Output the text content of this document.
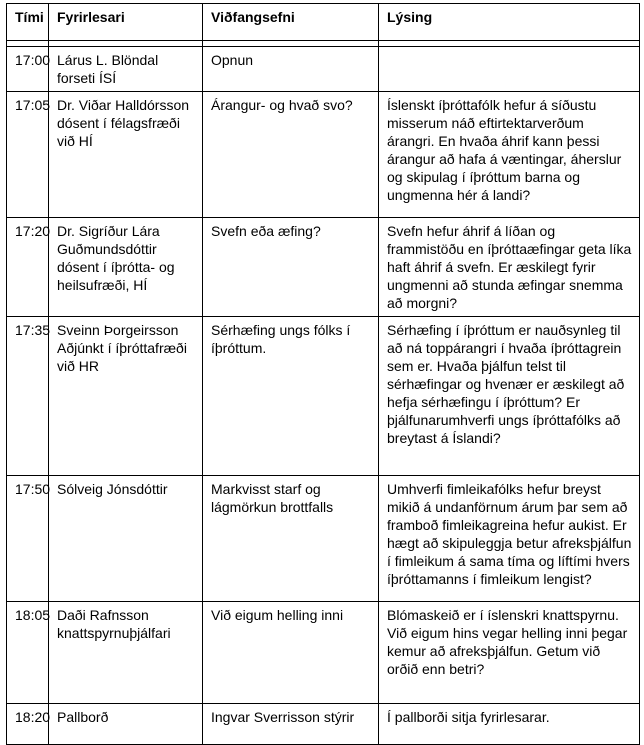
Tími	Fyrirlesari	Viðfangsefni	Lýsing

17:00	Lárus L. Blöndal forseti ÍSÍ	Opnun	
17:05	Dr. Viðar Halldórsson dósent í félagsfræði við HÍ	Árangur- og hvað svo?	Íslenskt íþróttafólk hefur á síðustu misserum náð eftirtektarverðum árangri. En hvaða áhrif kann þessi árangur að hafa á væntingar, áherslur og skipulag í íþróttum barna og ungmenna hér á landi?
17:20	Dr. Sigríður Lára Guðmundsdóttir dósent í íþrótta- og heilsufræði, HÍ	Svefn eða æfing?	Svefn hefur áhrif á líðan og frammistöðu en íþróttaæfingar geta líka haft áhrif á svefn. Er æskilegt fyrir ungmenni að stunda æfingar snemma að morgni?
17:35	Sveinn Þorgeirsson Aðjúnkt í íþróttafræði við HR	Sérhæfing ungs fólks í íþróttum.	Sérhæfing í íþróttum er nauðsynleg til að ná toppárangri í hvaða íþróttagrein sem er. Hvaða þjálfun telst til sérhæfingar og hvenær er æskilegt að hefja sérhæfingu í íþróttum? Er þjálfunarumhverfi ungs íþróttafólks að breytast á Íslandi?
17:50	Sólveig Jónsdóttir	Markvisst starf og lágmörkun brottfalls	Umhverfi fimleikafólks hefur breyst mikið á undanförnum árum þar sem að framboð fimleikagreina hefur aukist. Er hægt að skipuleggja betur afreksþjálfun í fimleikum á sama tíma og líftími hvers íþróttamanns í fimleikum lengist?
18:05	Daði Rafnsson knattspyrnuþjálfari	Við eigum helling inni	Blómaskeið er í íslenskri knattspyrnu. Við eigum hins vegar helling inni þegar kemur að afreksþjálfun. Getum við orðið enn betri?
18:20	Pallborð	Ingvar Sverrisson stýrir	Í pallborði sitja fyrirlesarar.
